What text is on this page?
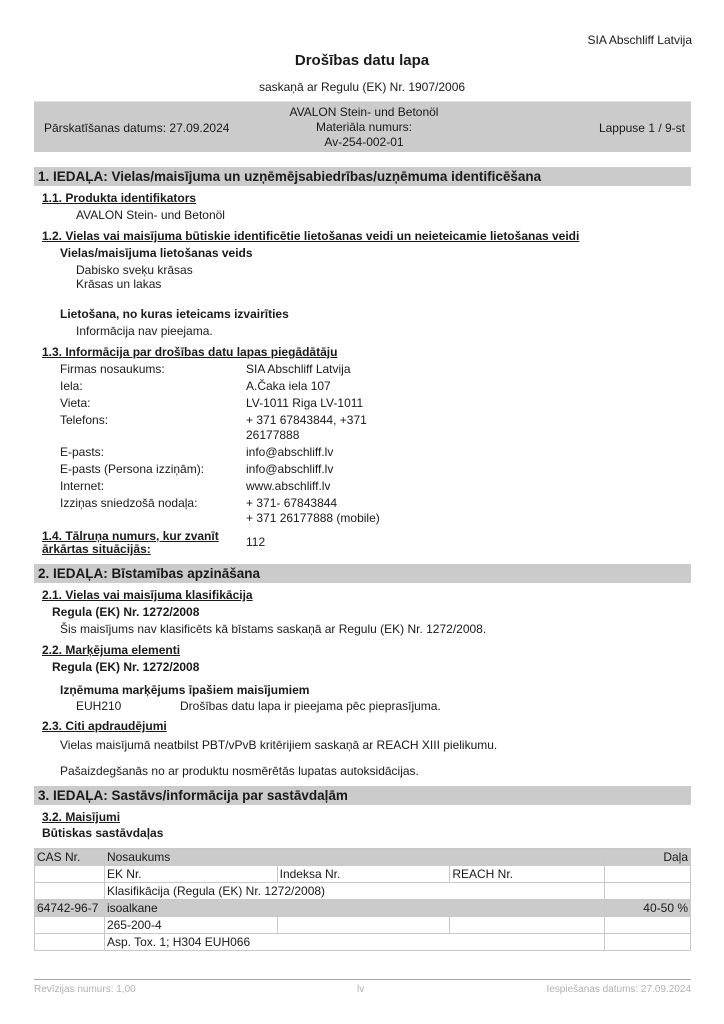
SIA Abschliff Latvija
Drošības datu lapa
saskaņā ar Regulu (EK) Nr. 1907/2006
Pārskatīšanas datums: 27.09.2024
AVALON Stein- und Betonöl
Materiāla numurs:
Av-254-002-01
Lappuse 1 / 9-st
1. IEDAĻA: Vielas/maisījuma un uzņēmējsabiedrības/uzņēmuma identificēšana
1.1. Produkta identifikators
AVALON Stein- und Betonöl
1.2. Vielas vai maisījuma būtiskie identificētie lietošanas veidi un neieteicamie lietošanas veidi
Vielas/maisījuma lietošanas veids
Dabisko sveķu krāsas
Krāsas un lakas
Lietošana, no kuras ieteicams izvairīties
Informācija nav pieejama.
1.3. Informācija par drošības datu lapas piegādātāju
Firmas nosaukums:	SIA Abschliff Latvija
Iela:	A.Čaka iela 107
Vieta:	LV-1011 Riga LV-1011
Telefons:	+ 371 67843844, +371
26177888
E-pasts:	info@abschliff.lv
E-pasts (Persona izziņām):	info@abschliff.lv
Internet:	www.abschliff.lv
Izziņas sniedzošā nodaļa:	+ 371- 67843844
+ 371 26177888 (mobile)
1.4. Tālruņa numurs, kur zvanīt
ārkārtas situācijās:	112
2. IEDAĻA: Bīstamības apzināšana
2.1. Vielas vai maisījuma klasifikācija
Regula (EK) Nr. 1272/2008
Šis maisījums nav klasificēts kā bīstams saskaņā ar Regulu (EK) Nr. 1272/2008.
2.2. Marķējuma elementi
Regula (EK) Nr. 1272/2008
Izņēmuma marķējums īpašiem maisījumiem
EUH210	Drošības datu lapa ir pieejama pēc pieprasījuma.
2.3. Citi apdraudējumi
Vielas maisījumā neatbilst PBT/vPvB kritērijiem saskaņā ar REACH XIII pielikumu.
Pašaizdegšanās no ar produktu nosmērētās lupatas autoksidācijas.
3. IEDAĻA: Sastāvs/informācija par sastāvdaļām
3.2. Maisījumi
Būtiskas sastāvdaļas
CAS Nr.	Nosaukums			Daļa
	EK Nr.	Indeksa Nr.	REACH Nr.	
	Klasifikācija (Regula (EK) Nr. 1272/2008)			
64742-96-7	isoalkane			40-50 %
	265-200-4			
	Asp. Tox. 1; H304 EUH066			
Revīzijas numurs: 1,00	lv	Iespiešanas datums: 27.09.2024
